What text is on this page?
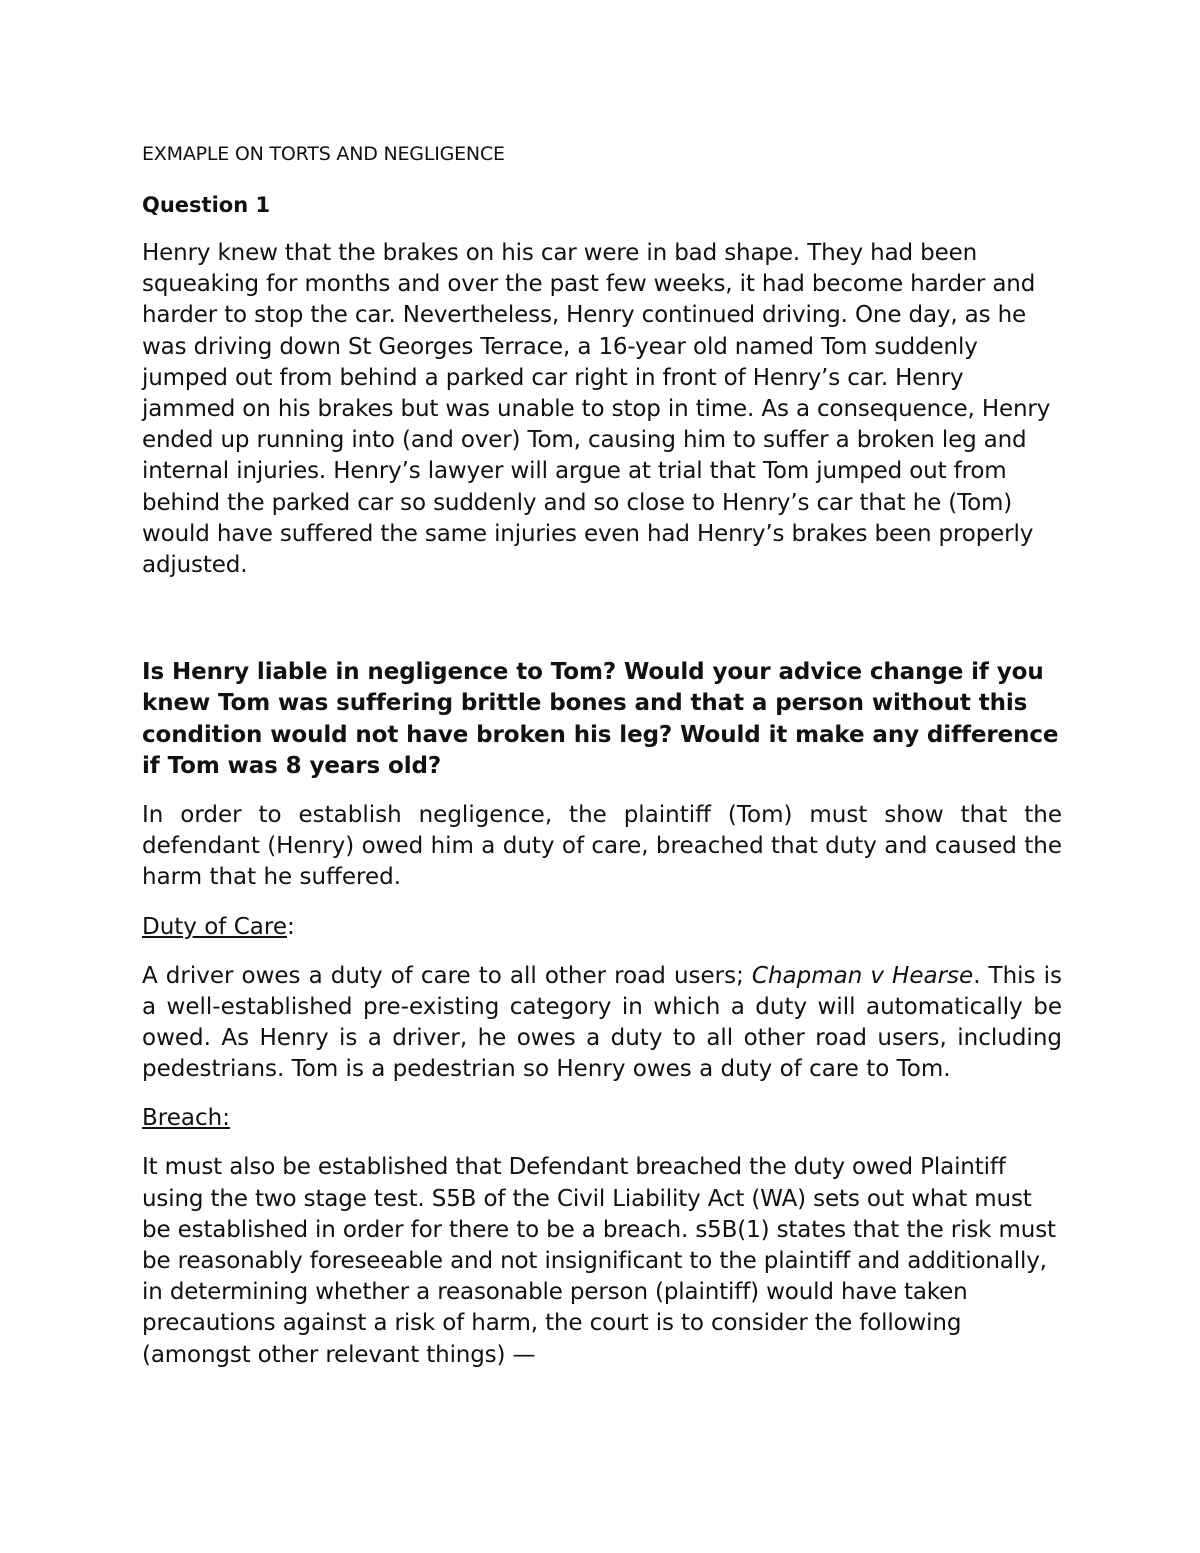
EXMAPLE ON TORTS AND NEGLIGENCE
Question 1

Henry knew that the brakes on his car were in bad shape. They had been squeaking for months and over the past few weeks, it had become harder and harder to stop the car. Nevertheless, Henry continued driving. One day, as he was driving down St Georges Terrace, a 16-year old named Tom suddenly jumped out from behind a parked car right in front of Henry’s car. Henry jammed on his brakes but was unable to stop in time. As a consequence, Henry ended up running into (and over) Tom, causing him to suffer a broken leg and internal injuries. Henry’s lawyer will argue at trial that Tom jumped out from behind the parked car so suddenly and so close to Henry’s car that he (Tom) would have suffered the same injuries even had Henry’s brakes been properly adjusted.

Is Henry liable in negligence to Tom? Would your advice change if you knew Tom was suffering brittle bones and that a person without this condition would not have broken his leg? Would it make any difference if Tom was 8 years old?

In order to establish negligence, the plaintiff (Tom) must show that the defendant (Henry) owed him a duty of care, breached that duty and caused the harm that he suffered.

Duty of Care:

A driver owes a duty of care to all other road users; Chapman v Hearse. This is a well-established pre-existing category in which a duty will automatically be owed. As Henry is a driver, he owes a duty to all other road users, including pedestrians. Tom is a pedestrian so Henry owes a duty of care to Tom.

Breach:

It must also be established that Defendant breached the duty owed Plaintiff using the two stage test. S5B of the Civil Liability Act (WA) sets out what must be established in order for there to be a breach. s5B(1) states that the risk must be reasonably foreseeable and not insignificant to the plaintiff and additionally, in determining whether a reasonable person (plaintiff) would have taken precautions against a risk of harm, the court is to consider the following (amongst other relevant things) —
